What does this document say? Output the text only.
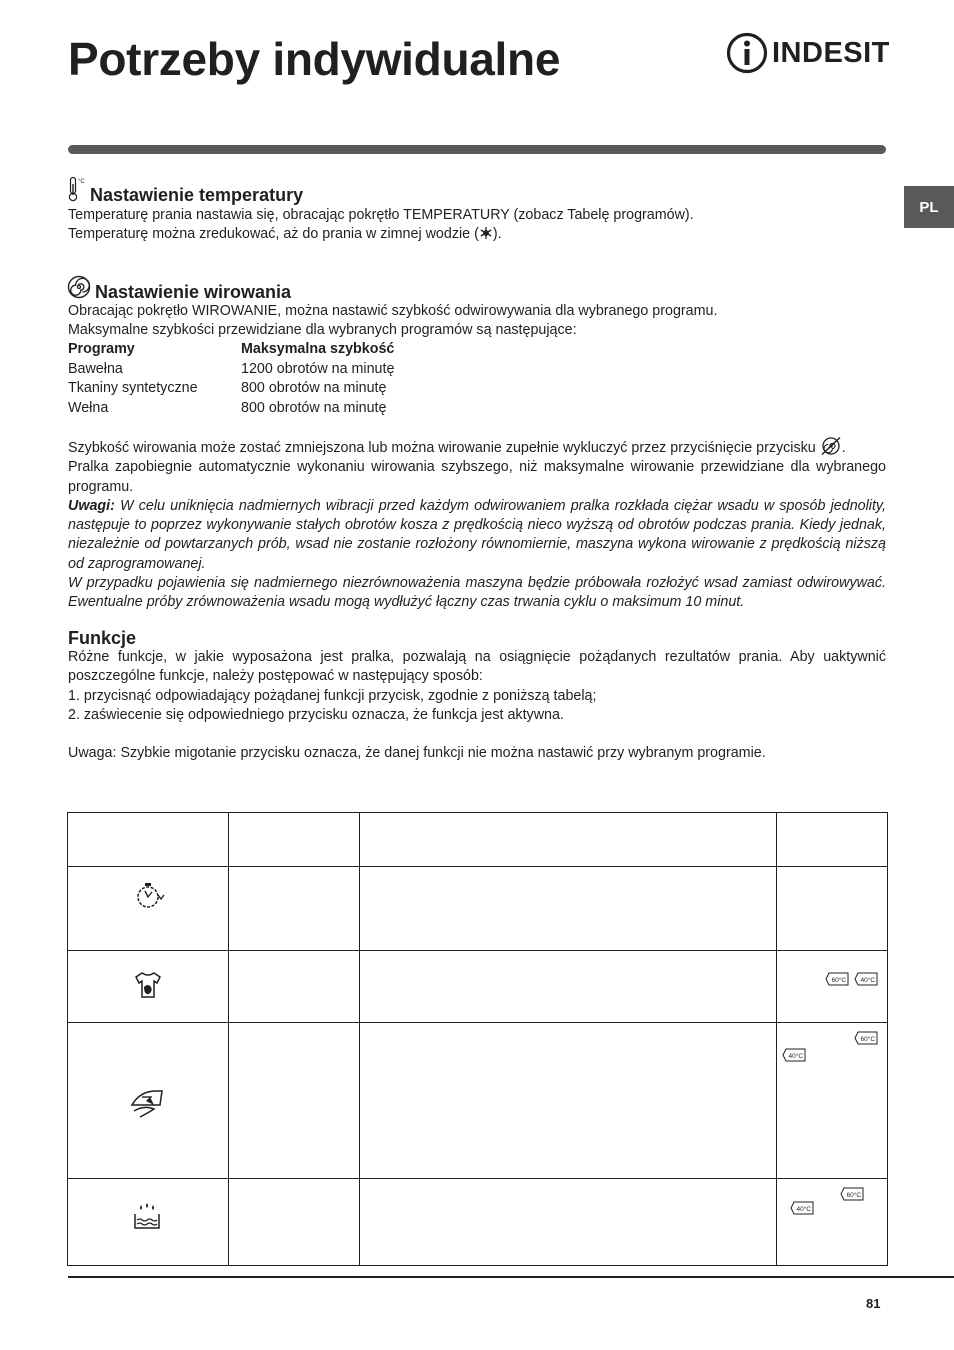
Potrzeby indywidualne	INDESIT
PL
°C
Nastawienie temperatury
Temperaturę prania nastawia się, obracając pokrętło TEMPERATURY (zobacz Tabelę programów).
Temperaturę można zredukować, aż do prania w zimnej wodzie ( ).
Nastawienie wirowania
Obracając pokrętło WIROWANIE, można nastawić szybkość odwirowywania dla wybranego programu.
Maksymalne szybkości przewidziane dla wybranych programów są następujące:
Programy	Maksymalna szybkość
Bawełna	1200 obrotów na minutę
Tkaniny syntetyczne	800 obrotów na minutę
Wełna	800 obrotów na minutę
Szybkość wirowania może zostać zmniejszona lub można wirowanie zupełnie wykluczyć przez przyciśnięcie przycisku .
Pralka zapobiegnie automatycznie wykonaniu wirowania szybszego, niż maksymalne wirowanie przewidziane dla wybranego programu.
Uwagi: W celu uniknięcia nadmiernych wibracji przed każdym odwirowaniem pralka rozkłada ciężar wsadu w sposób jednolity, następuje to poprzez wykonywanie stałych obrotów kosza z prędkością nieco wyższą od obrotów podczas prania. Kiedy jednak, niezależnie od powtarzanych prób, wsad nie zostanie rozłożony równomiernie, maszyna wykona wirowanie z prędkością niższą od zaprogramowanej.
W przypadku pojawienia się nadmiernego niezrównoważenia maszyna będzie próbowała rozłożyć wsad zamiast odwirowywać. Ewentualne próby zrównoważenia wsadu mogą wydłużyć łączny czas trwania cyklu o maksimum 10 minut.
Funkcje
Różne funkcje, w jakie wyposażona jest pralka, pozwalają na osiągnięcie pożądanych rezultatów prania. Aby uaktywnić poszczególne funkcje, należy postępować w następujący sposób:
1. przycisnąć odpowiadający pożądanej funkcji przycisk, zgodnie z poniższą tabelą;
2. zaświecenie się odpowiedniego przycisku oznacza, że funkcja jest aktywna.
Uwaga: Szybkie migotanie przycisku oznacza, że danej funkcji nie można nastawić przy wybranym programie.
60°C 40°C
60°C
40°C
60°C
40°C
81
